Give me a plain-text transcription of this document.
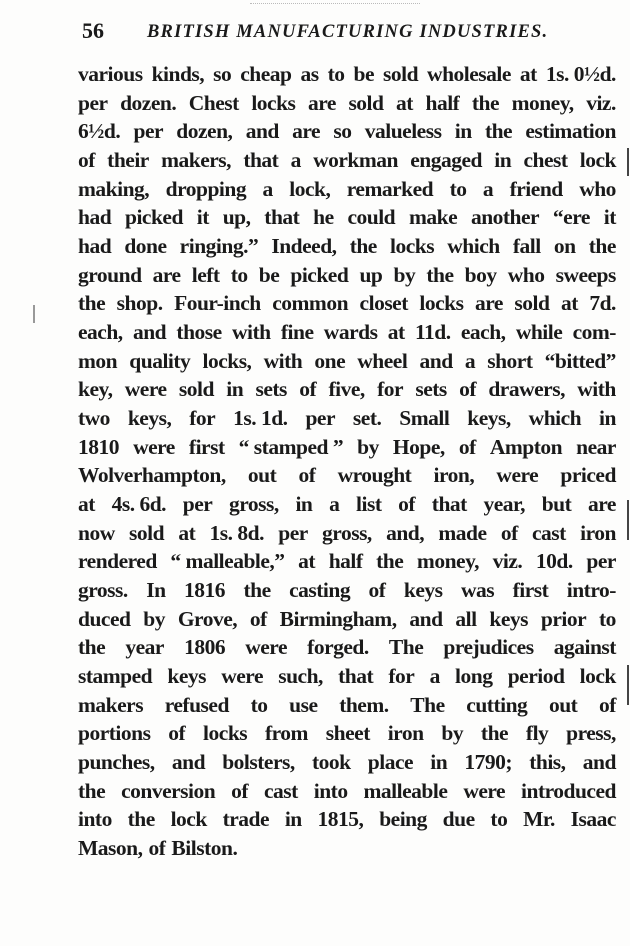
56 BRITISH MANUFACTURING INDUSTRIES.
various kinds, so cheap as to be sold wholesale at 1s. 0½d.
per dozen. Chest locks are sold at half the money, viz.
6½d. per dozen, and are so valueless in the estimation
of their makers, that a workman engaged in chest lock
making, dropping a lock, remarked to a friend who
had picked it up, that he could make another “ere it
had done ringing.” Indeed, the locks which fall on the
ground are left to be picked up by the boy who sweeps
the shop. Four-inch common closet locks are sold at 7d.
each, and those with fine wards at 11d. each, while com-
mon quality locks, with one wheel and a short “bitted”
key, were sold in sets of five, for sets of drawers, with
two keys, for 1s. 1d. per set. Small keys, which in
1810 were first “ stamped ” by Hope, of Ampton near
Wolverhampton, out of wrought iron, were priced
at 4s. 6d. per gross, in a list of that year, but are
now sold at 1s. 8d. per gross, and, made of cast iron
rendered “ malleable,” at half the money, viz. 10d. per
gross. In 1816 the casting of keys was first intro-
duced by Grove, of Birmingham, and all keys prior to
the year 1806 were forged. The prejudices against
stamped keys were such, that for a long period lock
makers refused to use them. The cutting out of
portions of locks from sheet iron by the fly press,
punches, and bolsters, took place in 1790; this, and
the conversion of cast into malleable were introduced
into the lock trade in 1815, being due to Mr. Isaac
Mason, of Bilston.
